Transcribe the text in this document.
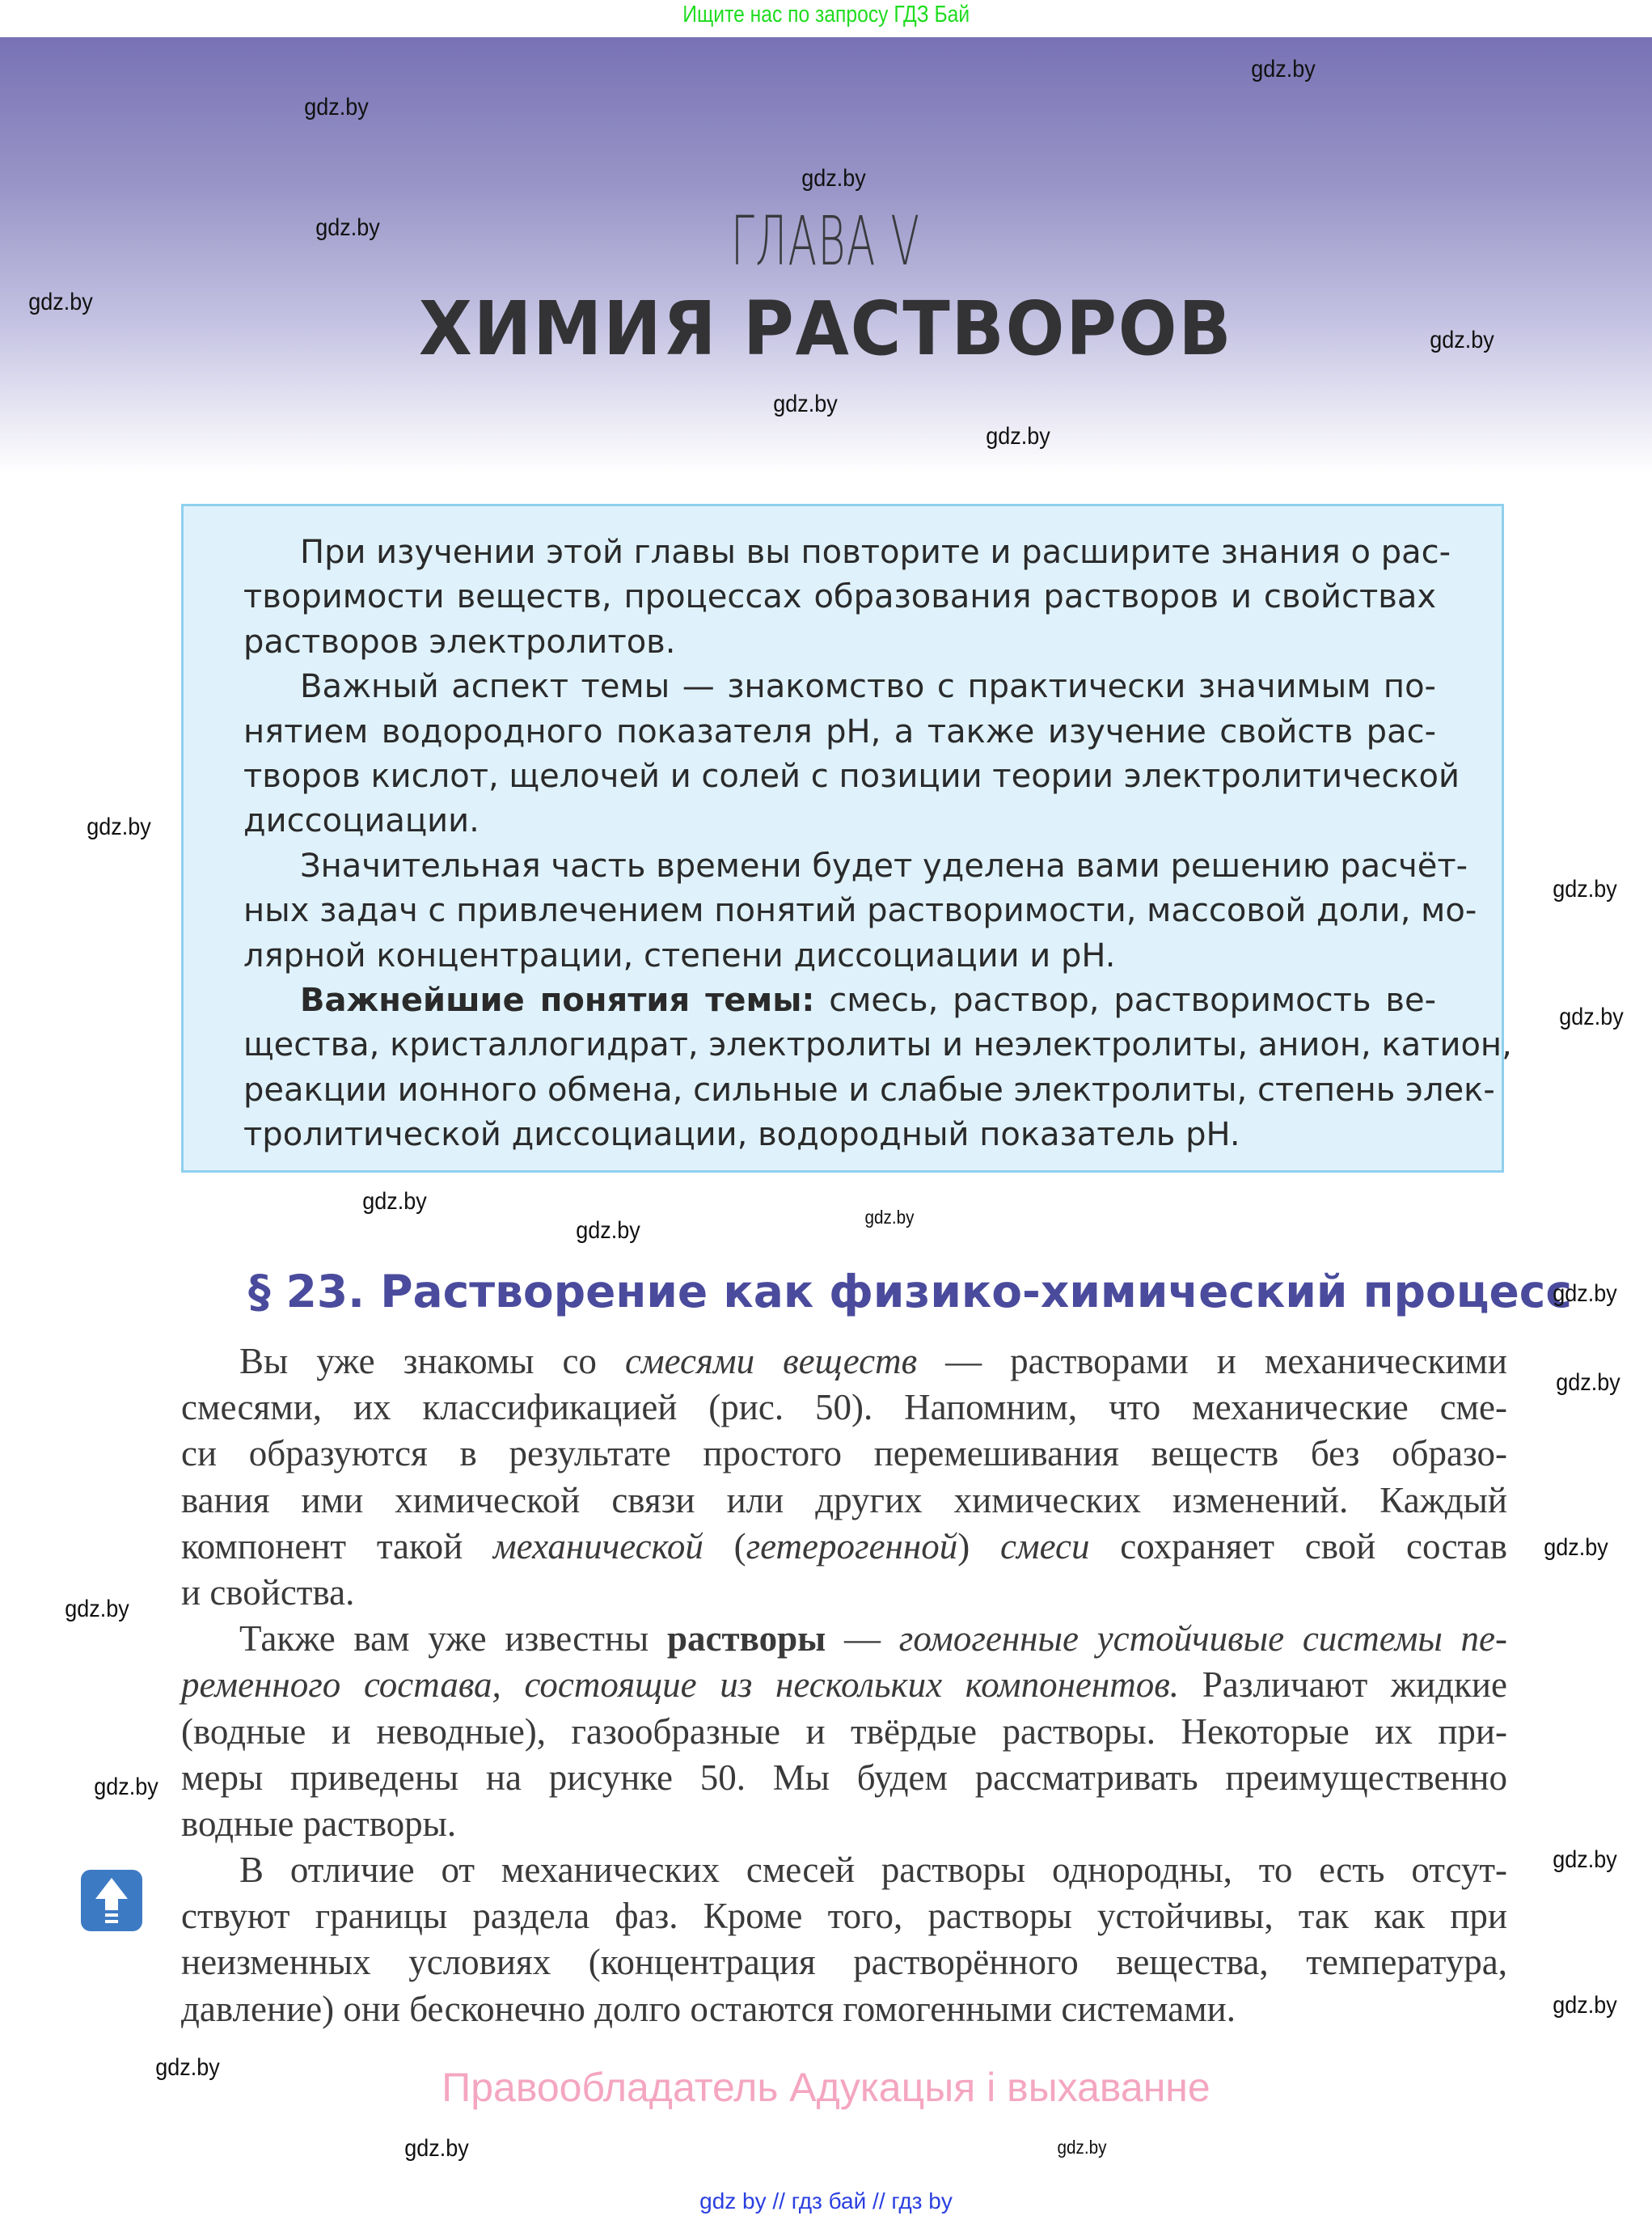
Ищите нас по запросу ГДЗ Бай
ГЛАВА V
ХИМИЯ РАСТВОРОВ
При изучении этой главы вы повторите и расширите знания о рас-
творимости веществ, процессах образования растворов и свойствах
растворов электролитов.
Важный аспект темы — знакомство с практически значимым по-
нятием водородного показателя pH, а также изучение свойств рас-
творов кислот, щелочей и солей с позиции теории электролитической
диссоциации.
Значительная часть времени будет уделена вами решению расчёт-
ных задач с привлечением понятий растворимости, массовой доли, мо-
лярной концентрации, степени диссоциации и pH.
Важнейшие понятия темы: смесь, раствор, растворимость ве-
щества, кристаллогидрат, электролиты и неэлектролиты, анион, катион,
реакции ионного обмена, сильные и слабые электролиты, степень элек-
тролитической диссоциации, водородный показатель pH.
§ 23. Растворение как физико-химический процесс
Вы уже знакомы со смесями веществ — растворами и механическими
смесями, их классификацией (рис. 50). Напомним, что механические сме-
си образуются в результате простого перемешивания веществ без образо-
вания ими химической связи или других химических изменений. Каждый
компонент такой механической (гетерогенной) смеси сохраняет свой состав
и свойства.
Также вам уже известны растворы — гомогенные устойчивые системы пе-
ременного состава, состоящие из нескольких компонентов. Различают жидкие
(водные и неводные), газообразные и твёрдые растворы. Некоторые их при-
меры приведены на рисунке 50. Мы будем рассматривать преимущественно
водные растворы.
В отличие от механических смесей растворы однородны, то есть отсут-
ствуют границы раздела фаз. Кроме того, растворы устойчивы, так как при
неизменных условиях (концентрация растворённого вещества, температура,
давление) они бесконечно долго остаются гомогенными системами.
gdz.by
gdz.by
gdz.by
gdz.by
gdz.by
gdz.by
gdz.by
gdz.by
gdz.by
gdz.by
gdz.by
gdz.by
gdz.by
gdz.by
gdz.by
gdz.by
gdz.by
gdz.by
gdz.by
gdz.by
gdz.by
gdz.by
gdz.by
gdz.by
Правообладатель Адукацыя і выхаванне
gdz by // гдз бай // гдз by
